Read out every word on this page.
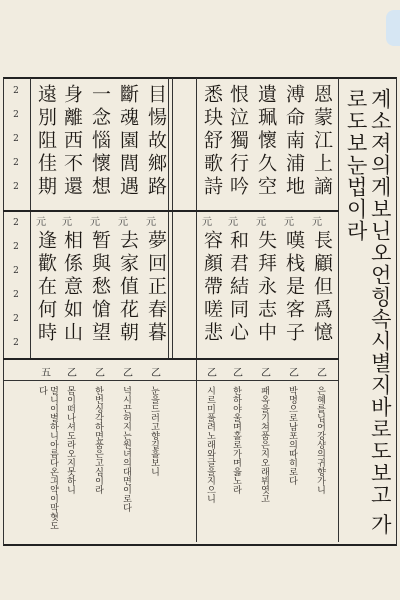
계소져의게보닌오언힝속시별지바로도보고 가로도보눈법이라
恩蒙江上謫
溥命南浦地
遺珮懷久空
恨泣獨行吟
悉玦舒歌詩
元
元
元
元
元
目愓故鄉路
斷魂園閭遇
一念惱懷想
身離西不還
遠別阻佳期
元
元
元
元
元
長顧但爲憶
嘆栈是客子
失拜永志中
和君結同心
容顏帶嗟悲
夢回正春暮
去家值花朝
暂與愁愴望
相係意如山
逢歡在何時
2
2
2
2
2
2
2
2
2
2
2
乙
乙
乙
乙
乙
乙
乙
乙
乙
五
은혜를닙어강샹의귀향가니
박명으로남포의따히로다
패옥을기쳐품은지오래뷔엿고
한하야울며홀로가며읇노라
시르미풀려노래와글을지으니
눈을드러고향길흘보니
넉시끈허지는원녀의대면이로다
한번싱각하면품은고심이라
몸이떠나셔도라오지못하니
멀니이별하니아름다온긔약이막혓도다
